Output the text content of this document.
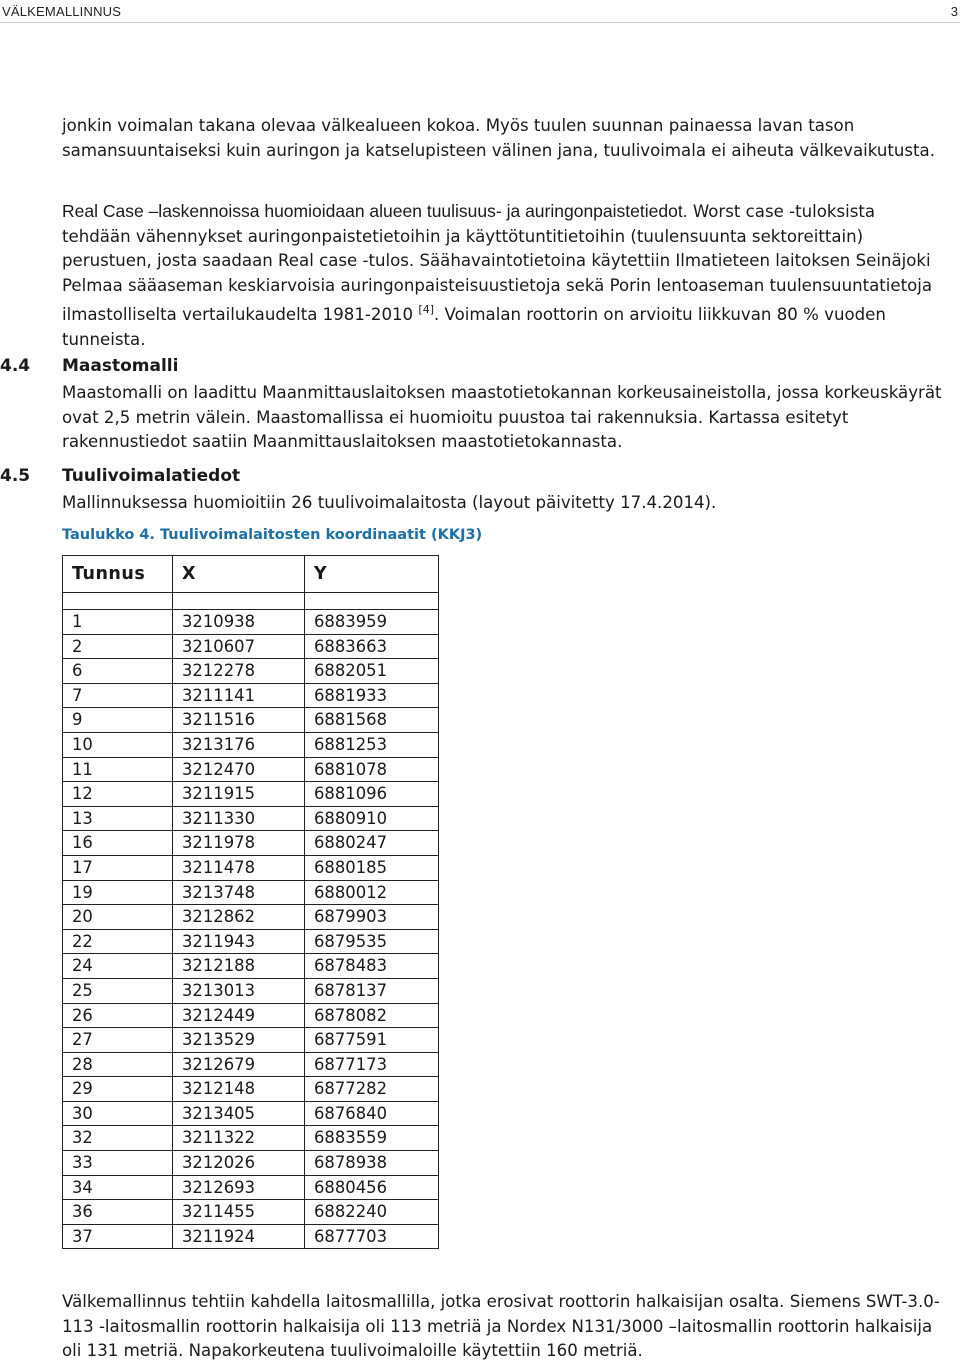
VÄLKEMALLINNUS	3

jonkin voimalan takana olevaa välkealueen kokoa. Myös tuulen suunnan painaessa lavan tason samansuuntaiseksi kuin auringon ja katselupisteen välinen jana, tuulivoimala ei aiheuta välkevaikutusta.

Real Case –laskennoissa huomioidaan alueen tuulisuus- ja auringonpaistetiedot. Worst case -tuloksista tehdään vähennykset auringonpaistetietoihin ja käyttötuntitietoihin (tuulensuunta sektoreittain) perustuen, josta saadaan Real case -tulos. Säähavaintotietoina käytettiin Ilmatieteen laitoksen Seinäjoki Pelmaa sääaseman keskiarvoisia auringonpaisteisuustietoja sekä Porin lentoaseman tuulensuuntatietoja ilmastolliselta vertailukaudelta 1981-2010 [4]. Voimalan roottorin on arvioitu liikkuvan 80 % vuoden tunneista.

4.4 Maastomalli

Maastomalli on laadittu Maanmittauslaitoksen maastotietokannan korkeusaineistolla, jossa korkeuskäyrät ovat 2,5 metrin välein. Maastomallissa ei huomioitu puustoa tai rakennuksia. Kartassa esitetyt rakennustiedot saatiin Maanmittauslaitoksen maastotietokannasta.

4.5 Tuulivoimalatiedot

Mallinnuksessa huomioitiin 26 tuulivoimalaitosta (layout päivitetty 17.4.2014).

Taulukko 4. Tuulivoimalaitosten koordinaatit (KKJ3)
Tunnus	X	Y

1	3210938	6883959
2	3210607	6883663
6	3212278	6882051
7	3211141	6881933
9	3211516	6881568
10	3213176	6881253
11	3212470	6881078
12	3211915	6881096
13	3211330	6880910
16	3211978	6880247
17	3211478	6880185
19	3213748	6880012
20	3212862	6879903
22	3211943	6879535
24	3212188	6878483
25	3213013	6878137
26	3212449	6878082
27	3213529	6877591
28	3212679	6877173
29	3212148	6877282
30	3213405	6876840
32	3211322	6883559
33	3212026	6878938
34	3212693	6880456
36	3211455	6882240
37	3211924	6877703

Välkemallinnus tehtiin kahdella laitosmallilla, jotka erosivat roottorin halkaisijan osalta. Siemens SWT-3.0-113 -laitosmallin roottorin halkaisija oli 113 metriä ja Nordex N131/3000 –laitosmallin roottorin halkaisija oli 131 metriä. Napakorkeutena tuulivoimaloille käytettiin 160 metriä.
